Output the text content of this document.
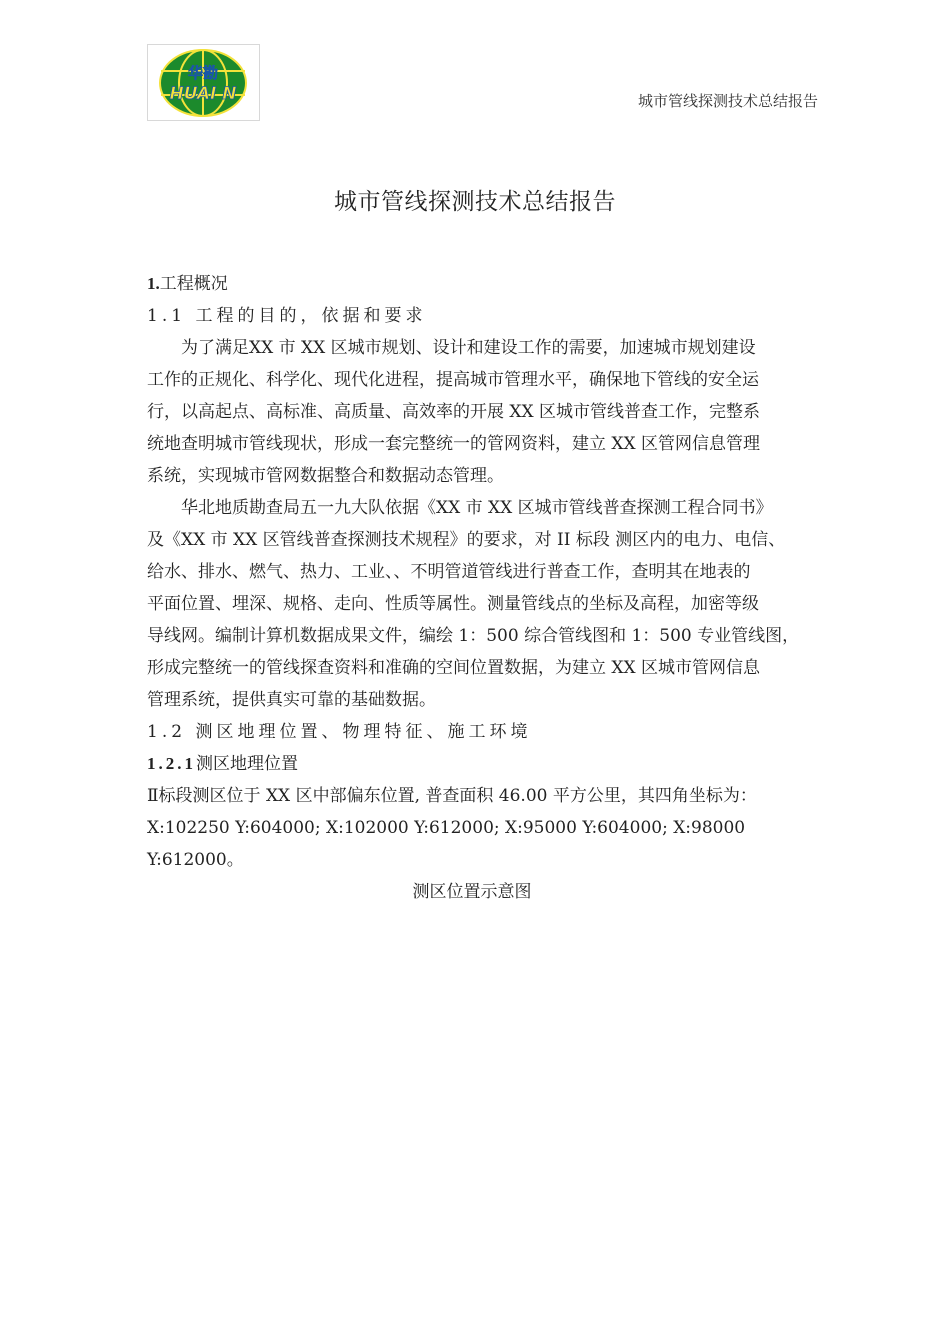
华勘
HUAI N	城市管线探测技术总结报告
城市管线探测技术总结报告
1.工程概况
1.1 工程的目的，依据和要求
为了满足XX 市 XX 区城市规划、设计和建设工作的需要，加速城市规划建设
工作的正规化、科学化、现代化进程，提高城市管理水平，确保地下管线的安全运
行，以高起点、高标准、高质量、高效率的开展 XX 区城市管线普查工作，完整系
统地查明城市管线现状，形成一套完整统一的管网资料，建立 XX 区管网信息管理
系统，实现城市管网数据整合和数据动态管理。
华北地质勘查局五一九大队依据《XX 市 XX 区城市管线普查探测工程合同书》
及《XX 市 XX 区管线普查探测技术规程》的要求，对 II 标段 测区内的电力、电信、
给水、排水、燃气、热力、工业、、不明管道管线进行普查工作，查明其在地表的
平面位置、埋深、规格、走向、性质等属性。测量管线点的坐标及高程，加密等级
导线网。编制计算机数据成果文件，编绘 1：500 综合管线图和 1：500 专业管线图，
形成完整统一的管线探查资料和准确的空间位置数据，为建立 XX 区城市管网信息
管理系统，提供真实可靠的基础数据。
1.2 测区地理位置、物理特征、施工环境
1.2.1测区地理位置
Ⅱ标段测区位于 XX 区中部偏东位置, 普查面积 46.00 平方公里，其四角坐标为：
X:102250 Y:604000; X:102000 Y:612000; X:95000 Y:604000; X:98000 Y:612000。
测区位置示意图
